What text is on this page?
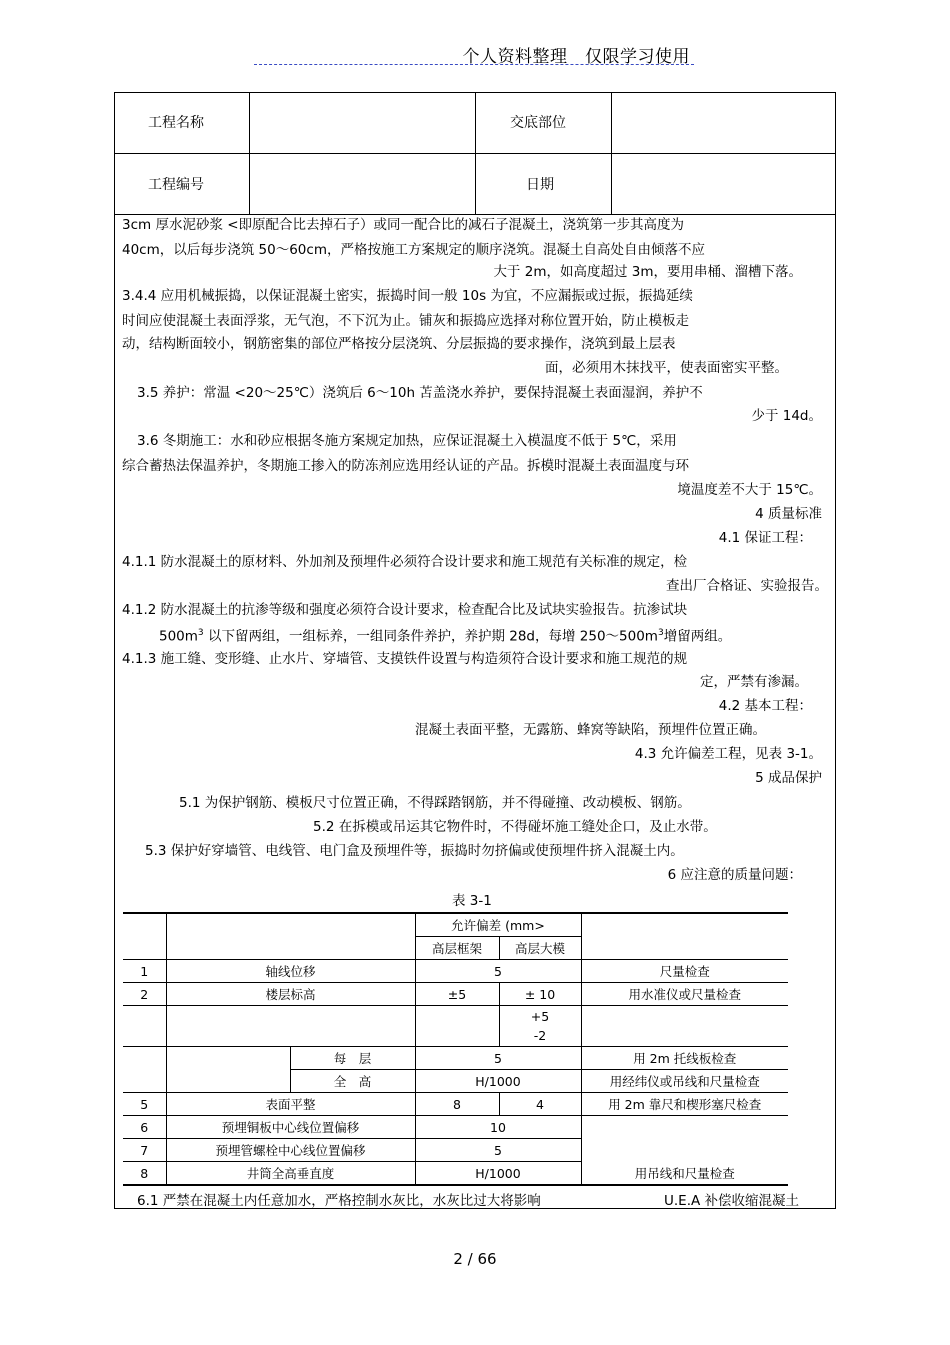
个人资料整理　仅限学习使用
工程名称	交底部位
工程编号	日期
3cm 厚水泥砂浆 <即原配合比去掉石子）或同一配合比的减石子混凝土，浇筑第一步其高度为
40cm，以后每步浇筑 50～60cm，严格按施工方案规定的顺序浇筑。混凝土自高处自由倾落不应
大于 2m，如高度超过 3m，要用串桶、溜槽下落。
3.4.4 应用机械振捣，以保证混凝土密实，振捣时间一般 10s 为宜，不应漏振或过振，振捣延续
时间应使混凝土表面浮浆，无气泡，不下沉为止。铺灰和振捣应选择对称位置开始，防止模板走
动，结构断面较小，钢筋密集的部位严格按分层浇筑、分层振捣的要求操作，浇筑到最上层表
面，必须用木抹找平，使表面密实平整。
3.5 养护：常温 <20～25℃）浇筑后 6～10h 苫盖浇水养护，要保持混凝土表面湿润，养护不
少于 14d。
3.6 冬期施工：水和砂应根据冬施方案规定加热，应保证混凝土入模温度不低于 5℃，采用
综合蓄热法保温养护，冬期施工掺入的防冻剂应选用经认证的产品。拆模时混凝土表面温度与环
境温度差不大于 15℃。
4 质量标准
4.1 保证工程：
4.1.1 防水混凝土的原材料、外加剂及预埋件必须符合设计要求和施工规范有关标准的规定，检
查出厂合格证、实验报告。
4.1.2 防水混凝土的抗渗等级和强度必须符合设计要求，检查配合比及试块实验报告。抗渗试块
$500m^3$ 以下留两组，一组标养，一组同条件养护，养护期 28d，每增 $250\sim 500m^3$增留两组。
4.1.3 施工缝、变形缝、止水片、穿墙管、支摸铁件设置与构造须符合设计要求和施工规范的规
定，严禁有渗漏。
4.2 基本工程：
混凝土表面平整，无露筋、蜂窝等缺陷，预埋件位置正确。
4.3 允许偏差工程，见表 3-1。
5 成品保护
5.1 为保护钢筋、模板尺寸位置正确，不得踩踏钢筋，并不得碰撞、改动模板、钢筋。
5.2 在拆模或吊运其它物件时，不得碰坏施工缝处企口，及止水带。
5.3 保护好穿墙管、电线管、电门盒及预埋件等，振捣时勿挤偏或使预埋件挤入混凝土内。
6 应注意的质量问题：
表 3-1
			允许偏差 (mm>		
			高层框架	高层大模	
1	轴线位移		5		尺量检查
2	楼层标高		±5	± 10	用水准仪或尺量检查

				+5
-2	

		每　层	5		用 2m 托线板检查
		全　高	H/1000		用经纬仪或吊线和尺量检查
5	表面平整		8	4	用 2m 靠尺和楔形塞尺检查
6	预埋铜板中心线位置偏移		10		
7	预埋管螺栓中心线位置偏移		5		
8	井筒全高垂直度		H/1000		用吊线和尺量检查
6.1 严禁在混凝土内任意加水，严格控制水灰比，水灰比过大将影响	U.E.A 补偿收缩混凝土
2 / 66
